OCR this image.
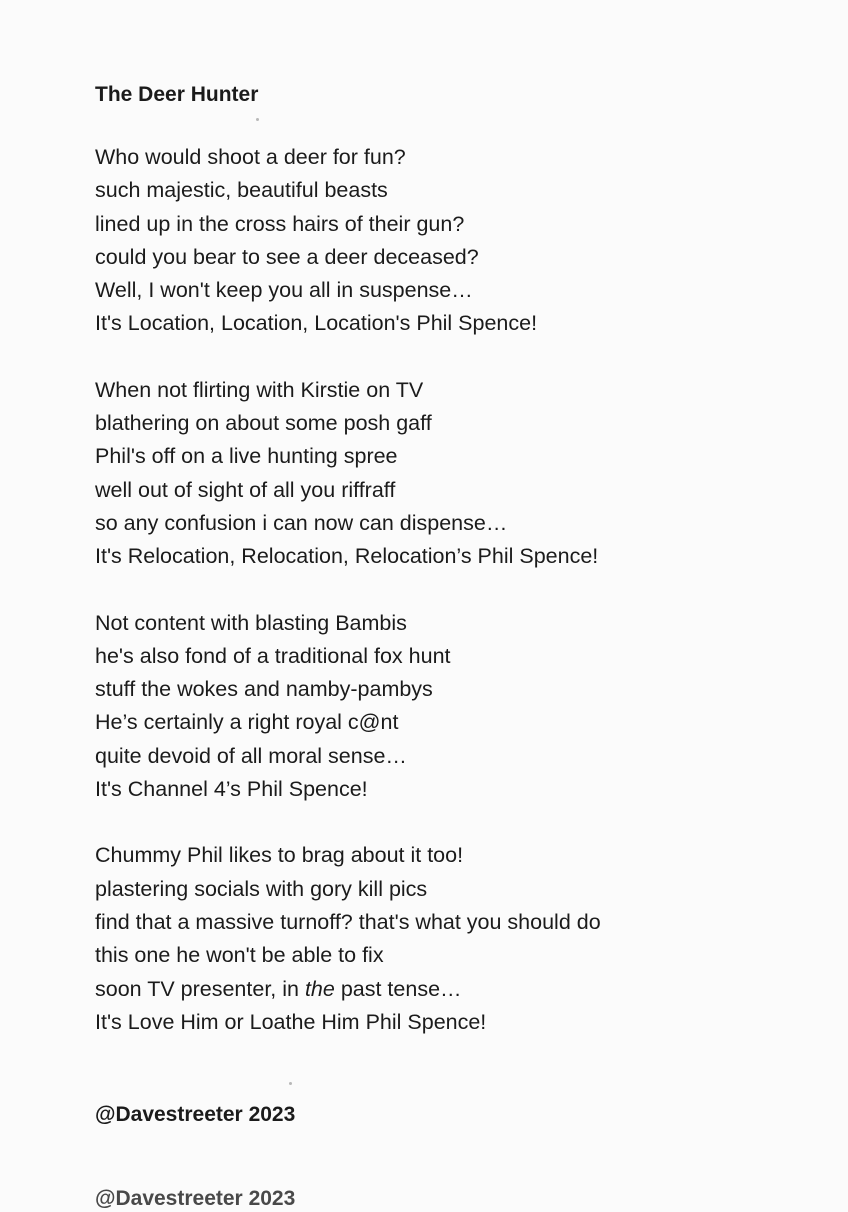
The Deer Hunter
Who would shoot a deer for fun?
such majestic, beautiful beasts
lined up in the cross hairs of their gun?
could you bear to see a deer deceased?
Well, I won't keep you all in suspense…
It's Location, Location, Location's Phil Spence!
When not flirting with Kirstie on TV
blathering on about some posh gaff
Phil's off on a live hunting spree
well out of sight of all you riffraff
so any confusion i can now can dispense…
It's Relocation, Relocation, Relocation’s Phil Spence!
Not content with blasting Bambis
he's also fond of a traditional fox hunt
stuff the wokes and namby-pambys
He’s certainly a right royal c@nt
quite devoid of all moral sense…
It's Channel 4’s Phil Spence!
Chummy Phil likes to brag about it too!
plastering socials with gory kill pics
find that a massive turnoff? that's what you should do
this one he won't be able to fix
soon TV presenter, in the past tense…
It's Love Him or Loathe Him Phil Spence!
@Davestreeter 2023
@Davestreeter 2023
